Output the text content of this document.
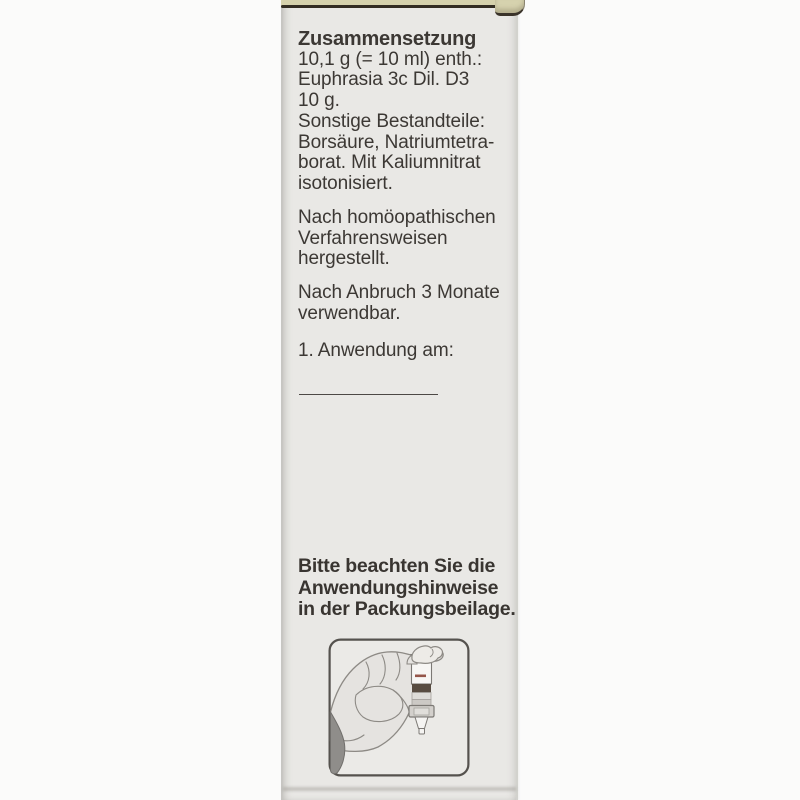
Zusammensetzung
10,1 g (= 10 ml) enth.:
Euphrasia 3c Dil. D3
10 g.
Sonstige Bestandteile:
Borsäure, Natriumtetra-
borat. Mit Kaliumnitrat
isotonisiert.
Nach homöopathischen
Verfahrensweisen
hergestellt.
Nach Anbruch 3 Monate
verwendbar.
1. Anwendung am:
Bitte beachten Sie die
Anwendungshinweise
in der Packungsbeilage.
